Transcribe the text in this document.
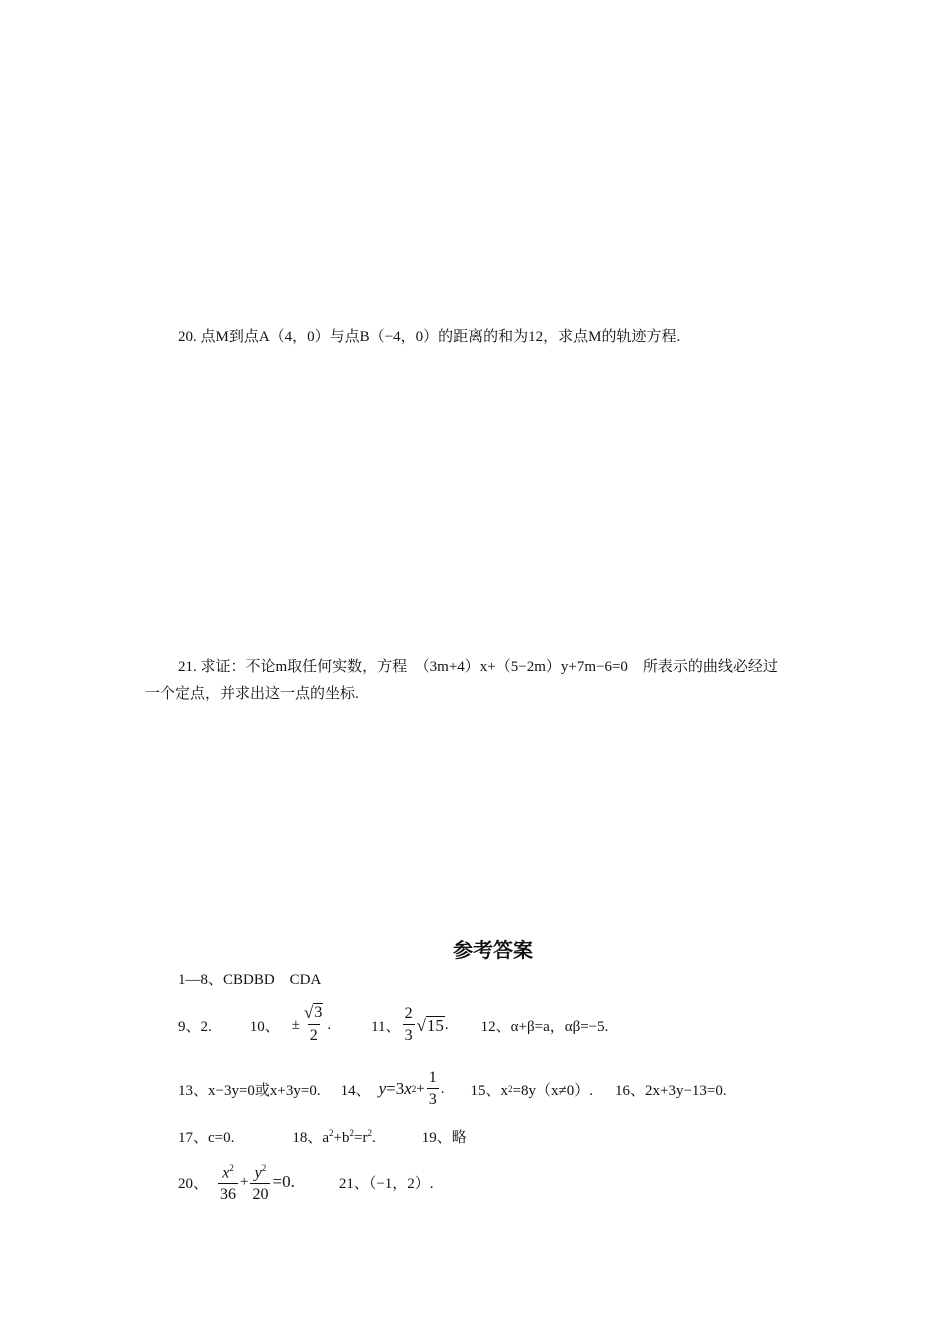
20. 点M到点A（4，0）与点B（−4，0）的距离的和为12，求点M的轨迹方程.
21. 求证：不论m取任何实数，方程　（3m+4）x+（5−2m）y+7m−6=0　所表示的曲线必经过
一个定点，并求出这一点的坐标.
参考答案
1—8、CBDBD　CDA
9、2.	10、 ± $\frac{√ 3}{2}$ .	11、 $\frac{2}{3}$ √ 15 . 12、α+β=a，αβ=−5.
13、x−3y=0或x+3y=0. 14、 y =3 x $2 + \frac{1}{3}$ . 15、x 2 =8y（x≠0）. 16、2x+3y−13=0.
17、c=0.	18、$a^2+b^2=r^2$.	19、略
20、 $\frac{x^2}{36} + \frac{y^2}{20} =0$.	21、（−1，2）.
